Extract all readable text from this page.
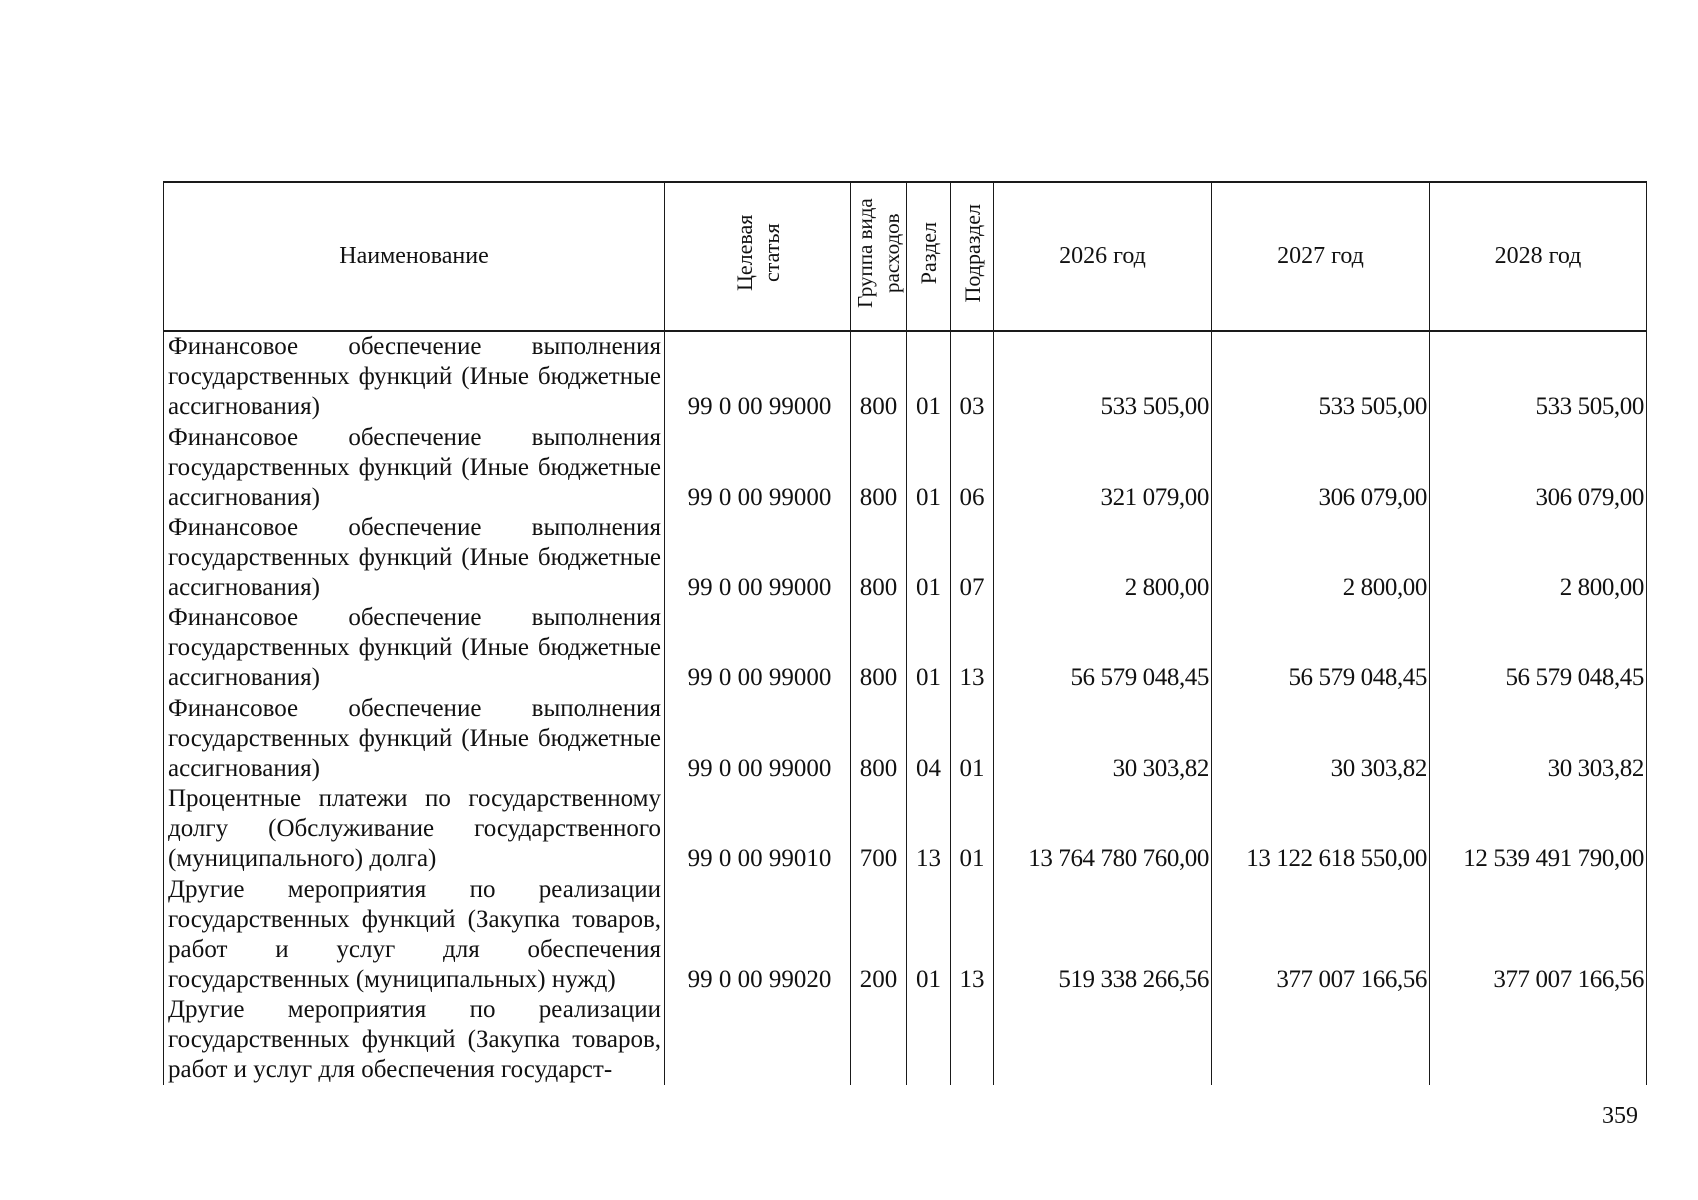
Наименование	Целевая статья	Группа вида расходов	Раздел	Подраздел	2026 год	2027 год	2028 год
Финансовое обеспечение выполнения государственных функций (Иные бюджетные ассигнования)	99 0 00 99000	800	01	03	533 505,00	533 505,00	533 505,00
Финансовое обеспечение выполнения государственных функций (Иные бюджетные ассигнования)	99 0 00 99000	800	01	06	321 079,00	306 079,00	306 079,00
Финансовое обеспечение выполнения государственных функций (Иные бюджетные ассигнования)	99 0 00 99000	800	01	07	2 800,00	2 800,00	2 800,00
Финансовое обеспечение выполнения государственных функций (Иные бюджетные ассигнования)	99 0 00 99000	800	01	13	56 579 048,45	56 579 048,45	56 579 048,45
Финансовое обеспечение выполнения государственных функций (Иные бюджетные ассигнования)	99 0 00 99000	800	04	01	30 303,82	30 303,82	30 303,82
Процентные платежи по государственному долгу (Обслуживание государственного (муниципального) долга)	99 0 00 99010	700	13	01	13 764 780 760,00	13 122 618 550,00	12 539 491 790,00
Другие мероприятия по реализации государственных функций (Закупка товаров, работ и услуг для обеспечения государственных (муниципальных) нужд)	99 0 00 99020	200	01	13	519 338 266,56	377 007 166,56	377 007 166,56
Другие мероприятия по реализации государственных функций (Закупка товаров, работ и услуг для обеспечения государст-							
359
